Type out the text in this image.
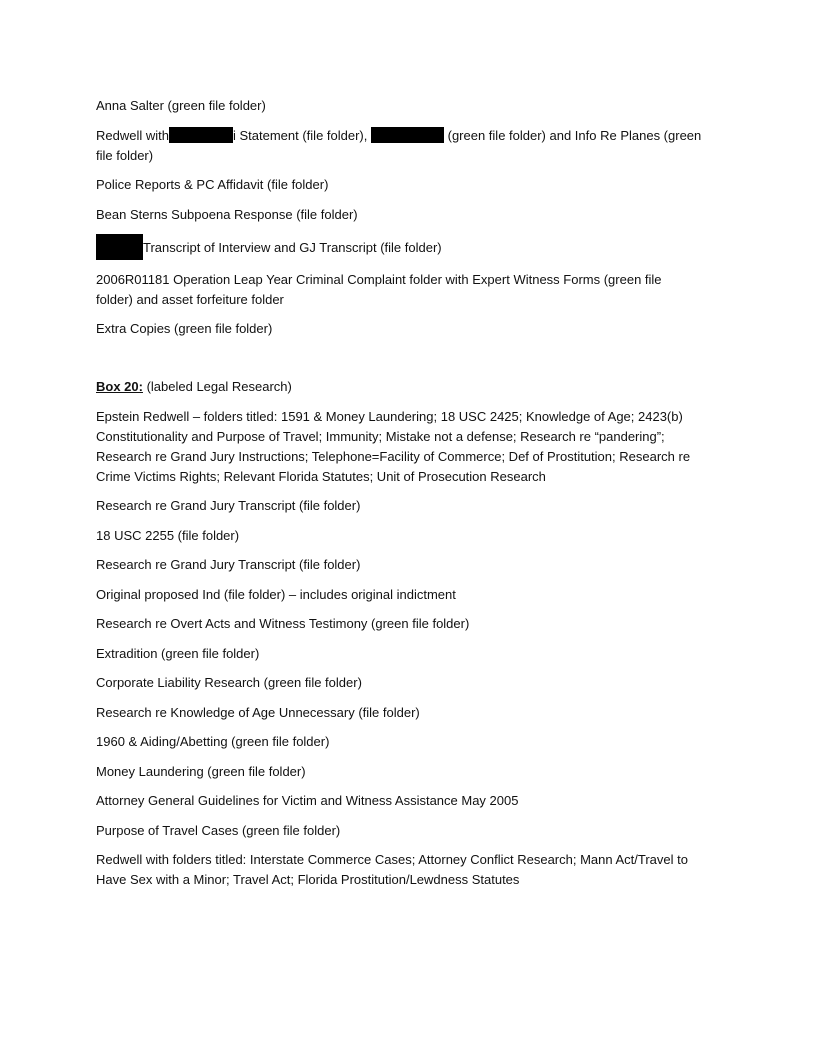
Anna Salter (green file folder)

Redwell with	i Statement (file folder),	(green file folder) and Info Re Planes (green

file folder)

Police Reports & PC Affidavit (file folder)

Bean Sterns Subpoena Response (file folder)

Transcript of Interview and GJ Transcript (file folder)

2006R01181 Operation Leap Year Criminal Complaint folder with Expert Witness Forms (green file

folder) and asset forfeiture folder

Extra Copies (green file folder)

Box 20: (labeled Legal Research)

Epstein Redwell – folders titled: 1591 & Money Laundering; 18 USC 2425; Knowledge of Age; 2423(b)

Constitutionality and Purpose of Travel; Immunity; Mistake not a defense; Research re “pandering”;

Research re Grand Jury Instructions; Telephone=Facility of Commerce; Def of Prostitution; Research re

Crime Victims Rights; Relevant Florida Statutes; Unit of Prosecution Research

Research re Grand Jury Transcript (file folder)

18 USC 2255 (file folder)

Research re Grand Jury Transcript (file folder)

Original proposed Ind (file folder) – includes original indictment

Research re Overt Acts and Witness Testimony (green file folder)

Extradition (green file folder)

Corporate Liability Research (green file folder)

Research re Knowledge of Age Unnecessary (file folder)

1960 & Aiding/Abetting (green file folder)

Money Laundering (green file folder)

Attorney General Guidelines for Victim and Witness Assistance May 2005

Purpose of Travel Cases (green file folder)

Redwell with folders titled: Interstate Commerce Cases; Attorney Conflict Research; Mann Act/Travel to

Have Sex with a Minor; Travel Act; Florida Prostitution/Lewdness Statutes
